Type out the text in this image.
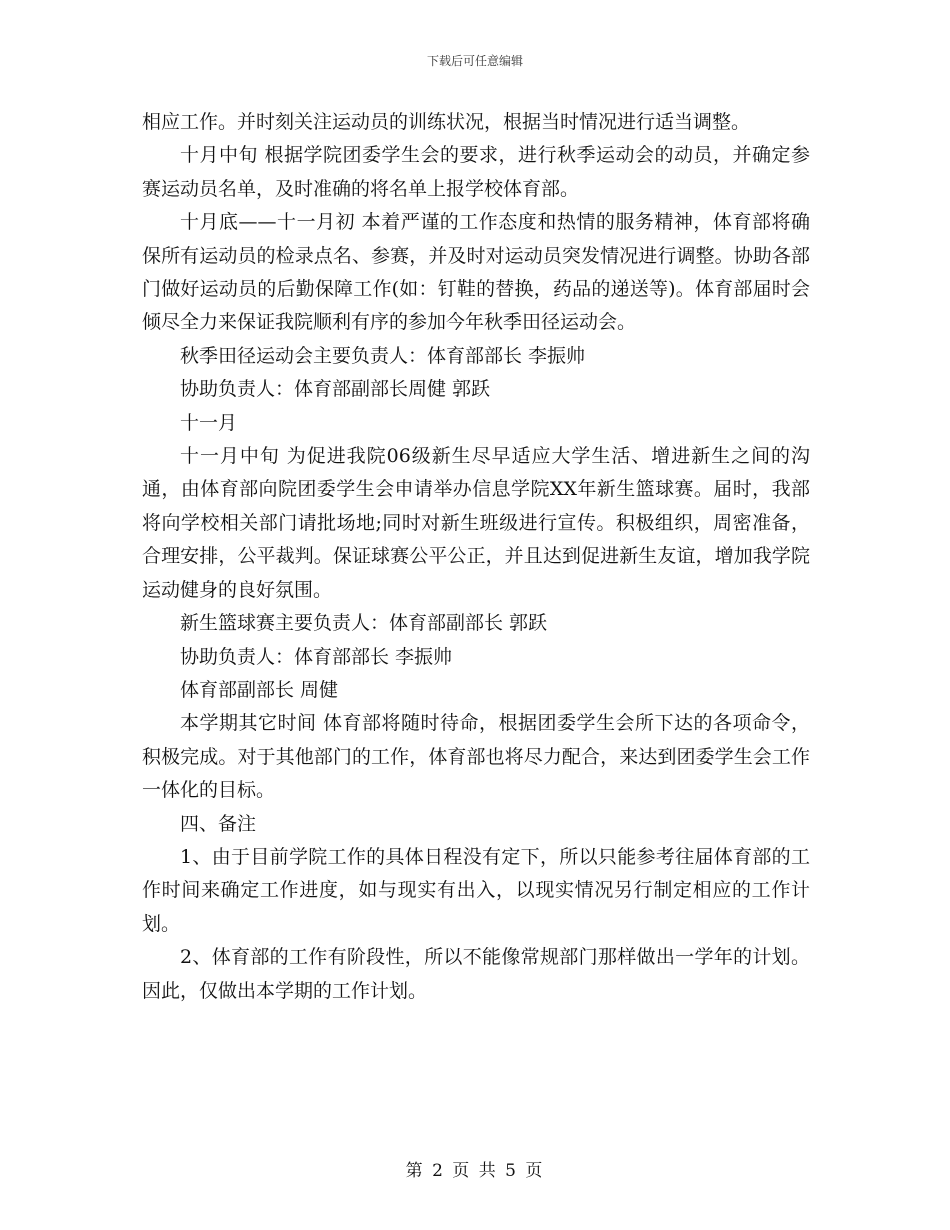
下载后可任意编辑

相应工作。并时刻关注运动员的训练状况，根据当时情况进行适当调整。

十月中旬 根据学院团委学生会的要求，进行秋季运动会的动员，并确定参赛运动员名单，及时准确的将名单上报学校体育部。

十月底——十一月初 本着严谨的工作态度和热情的服务精神，体育部将确保所有运动员的检录点名、参赛，并及时对运动员突发情况进行调整。协助各部门做好运动员的后勤保障工作(如：钉鞋的替换，药品的递送等)。体育部届时会倾尽全力来保证我院顺利有序的参加今年秋季田径运动会。

秋季田径运动会主要负责人：体育部部长 李振帅

协助负责人：体育部副部长周健 郭跃

十一月

十一月中旬 为促进我院06级新生尽早适应大学生活、增进新生之间的沟通，由体育部向院团委学生会申请举办信息学院XX年新生篮球赛。届时，我部将向学校相关部门请批场地;同时对新生班级进行宣传。积极组织，周密准备，合理安排，公平裁判。保证球赛公平公正，并且达到促进新生友谊，增加我学院运动健身的良好氛围。

新生篮球赛主要负责人：体育部副部长 郭跃

协助负责人：体育部部长 李振帅

体育部副部长 周健

本学期其它时间 体育部将随时待命，根据团委学生会所下达的各项命令，积极完成。对于其他部门的工作，体育部也将尽力配合，来达到团委学生会工作一体化的目标。

四、备注

1、由于目前学院工作的具体日程没有定下，所以只能参考往届体育部的工作时间来确定工作进度，如与现实有出入，以现实情况另行制定相应的工作计划。

2、体育部的工作有阶段性，所以不能像常规部门那样做出一学年的计划。因此，仅做出本学期的工作计划。

第 2 页 共 5 页
